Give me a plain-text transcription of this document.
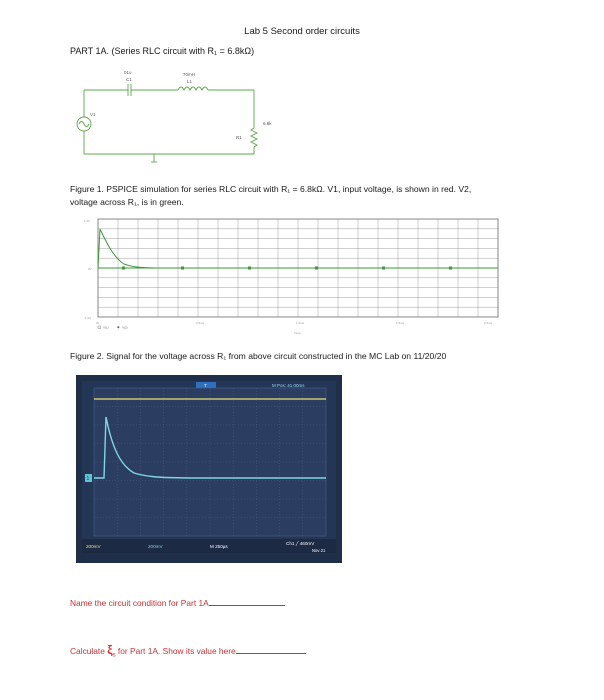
Lab 5 Second order circuits
PART 1A. (Series RLC circuit with R₁ = 6.8kΩ)
01u
C1
70mH
L1
V1
R1
6.8k
Figure 1. PSPICE simulation for series RLC circuit with R₁ = 6.8kΩ. V1, input voltage, is shown in red. V2,
voltage across R₁, is in green.
1.0V
0V
-1.0V
0s	0.5ms	1.0ms	1.5ms	2.0ms
Time
V(1)	V(2)
Figure 2. Signal for the voltage across R₁ from above circuit constructed in the MC Lab on 11/20/20
T	M Pos: 41.00ms
1
200mV	200mV	M 250µs
Ch1 ╱ 460mV
Nov 21
Name the circuit condition for Part 1A
Calculate $\xi_s$ for Part 1A. Show its value here
